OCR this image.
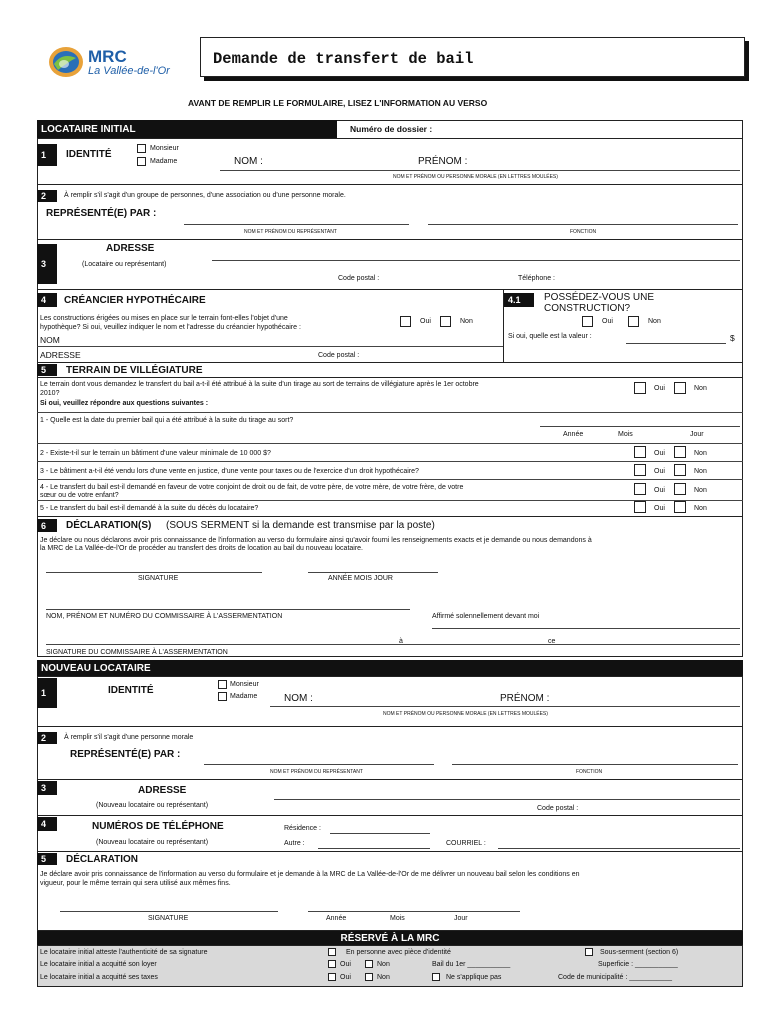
MRC
La Vallée-de-l'Or
Demande de transfert de bail
AVANT DE REMPLIR LE FORMULAIRE, LISEZ L'INFORMATION AU VERSO
LOCATAIRE INITIAL	Numéro de dossier :
1 IDENTITÉ
Monsieur
Madame	NOM :	PRÉNOM :
NOM ET PRÉNOM OU PERSONNE MORALE (EN LETTRES MOULÉES)
2	À remplir s'il s'agit d'un groupe de personnes, d'une association ou d'une personne morale.
REPRÉSENTÉ(E) PAR :
NOM ET PRÉNOM DU REPRÉSENTANT	FONCTION
3
ADRESSE
(Locataire ou représentant)
Code postal :	Téléphone :
4 CRÉANCIER HYPOTHÉCAIRE
Les constructions érigées ou mises en place sur le terrain font-elles l'objet d'une
hypothèque? Si oui, veuillez indiquer le nom et l'adresse du créancier hypothécaire :
Oui	Non
NOM
ADRESSE	Code postal :
4.1 POSSÉDEZ-VOUS UNE
CONSTRUCTION?
Oui	Non
Si oui, quelle est la valeur :	$
5 TERRAIN DE VILLÉGIATURE
Le terrain dont vous demandez le transfert du bail a-t-il été attribué à la suite d'un tirage au sort de terrains de villégiature après le 1er octobre
2010?
Si oui, veuillez répondre aux questions suivantes :
Oui	Non
1 - Quelle est la date du premier bail qui a été attribué à la suite du tirage au sort?
Année	Mois	Jour
2 - Existe-t-il sur le terrain un bâtiment d'une valeur minimale de 10 000 $?	Oui	Non
3 - Le bâtiment a-t-il été vendu lors d'une vente en justice, d'une vente pour taxes ou de l'exercice d'un droit hypothécaire?	Oui	Non
4 - Le transfert du bail est-il demandé en faveur de votre conjoint de droit ou de fait, de votre père, de votre mère, de votre frère, de votre
sœur ou de votre enfant?
Oui	Non
5 - Le transfert du bail est-il demandé à la suite du décès du locataire?	Oui	Non
6 DÉCLARATION(S) (SOUS SERMENT si la demande est transmise par la poste)
Je déclare ou nous déclarons avoir pris connaissance de l'information au verso du formulaire ainsi qu'avoir fourni les renseignements exacts et je demande ou nous demandons à
la MRC de La Vallée-de-l'Or de procéder au transfert des droits de location au bail du nouveau locataire.
SIGNATURE	ANNÉE MOIS JOUR
NOM, PRÉNOM ET NUMÉRO DU COMMISSAIRE À L'ASSERMENTATION	Affirmé solennellement devant moi
à	ce
SIGNATURE DU COMMISSAIRE À L'ASSERMENTATION
NOUVEAU LOCATAIRE
1	IDENTITÉ
Monsieur
Madame	NOM :	PRÉNOM :
NOM ET PRÉNOM OU PERSONNE MORALE (EN LETTRES MOULÉES)
2	À remplir s'il s'agit d'une personne morale
REPRÉSENTÉ(E) PAR :
NOM ET PRÉNOM DU REPRÉSENTANT	FONCTION
3	ADRESSE
(Nouveau locataire ou représentant)	Code postal :
4	NUMÉROS DE TÉLÉPHONE
(Nouveau locataire ou représentant)
Résidence :
Autre :	COURRIEL :
5 DÉCLARATION
Je déclare avoir pris connaissance de l'information au verso du formulaire et je demande à la MRC de La Vallée-de-l'Or de me délivrer un nouveau bail selon les conditions en
vigueur, pour le même terrain qui sera utilisé aux mêmes fins.
SIGNATURE	Année	Mois	Jour
RÉSERVÉ À LA MRC
Le locataire initial atteste l'authenticité de sa signature	En personne avec pièce d'identité	Sous-serment (section 6)
Le locataire initial a acquitté son loyer	Oui	Non	Bail du 1er ___________	Superficie : ___________
Le locataire initial a acquitté ses taxes	Oui	Non	Ne s'applique pas	Code de municipalité : ___________
